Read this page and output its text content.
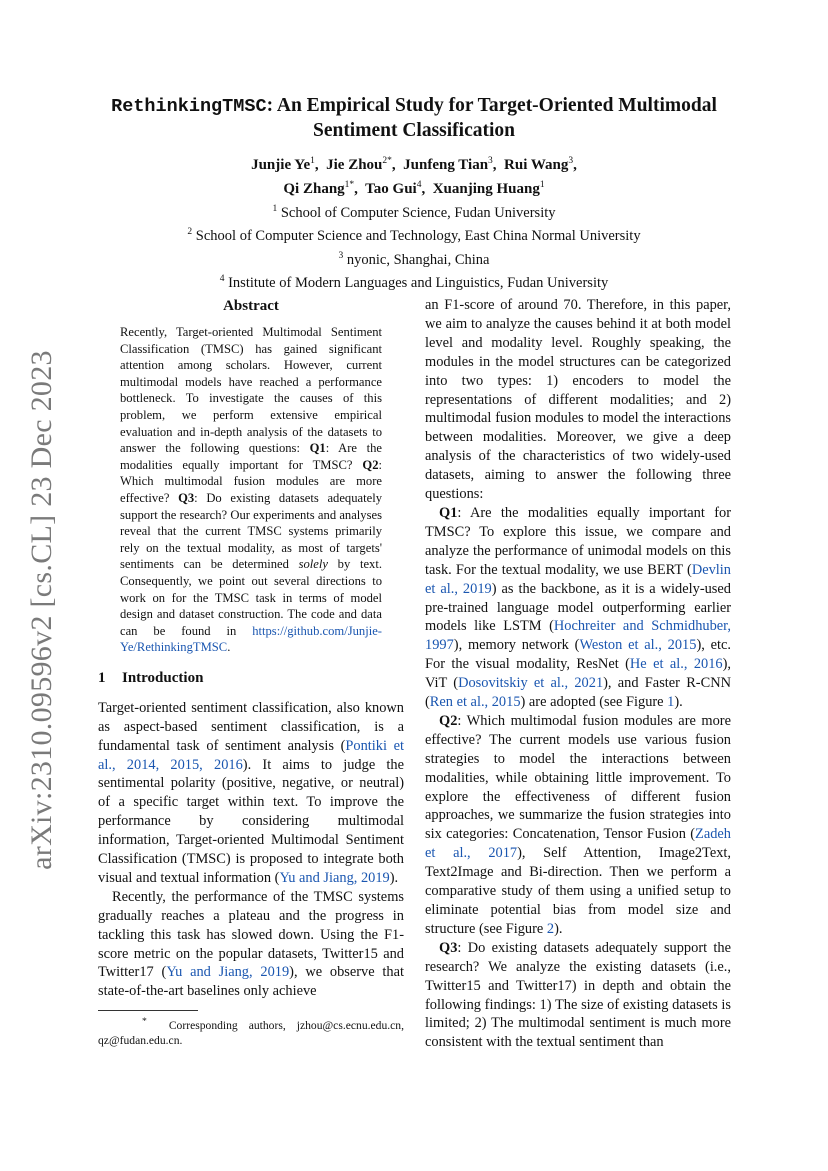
arXiv:2310.09596v2 [cs.CL] 23 Dec 2023
RethinkingTMSC: An Empirical Study for Target-Oriented Multimodal
Sentiment Classification
Junjie Ye$^1$,  Jie Zhou$^{2*}$,  Junfeng Tian$^3$,  Rui Wang$^3$,
Qi Zhang$^{1*}$,  Tao Gui$^4$,  Xuanjing Huang$^1$
$^1$ School of Computer Science, Fudan University
$^2$ School of Computer Science and Technology, East China Normal University
$^3$ nyonic, Shanghai, China
$^4$ Institute of Modern Languages and Linguistics, Fudan University
Abstract
Recently, Target-oriented Multimodal Sentiment Classification (TMSC) has gained significant attention among scholars. However, current multimodal models have reached a performance bottleneck. To investigate the causes of this problem, we perform extensive empirical evaluation and in-depth analysis of the datasets to answer the following questions: Q1: Are the modalities equally important for TMSC? Q2: Which multimodal fusion modules are more effective? Q3: Do existing datasets adequately support the research? Our experiments and analyses reveal that the current TMSC systems primarily rely on the textual modality, as most of targets' sentiments can be determined solely by text. Consequently, we point out several directions to work on for the TMSC task in terms of model design and dataset construction. The code and data can be found in https://github.com/Junjie-Ye/RethinkingTMSC.
1 Introduction

Target-oriented sentiment classification, also known as aspect-based sentiment classification, is a fundamental task of sentiment analysis (Pontiki et al., 2014, 2015, 2016). It aims to judge the sentimental polarity (positive, negative, or neutral) of a specific target within text. To improve the performance by considering multimodal information, Target-oriented Multimodal Sentiment Classification (TMSC) is proposed to integrate both visual and textual information (Yu and Jiang, 2019).

Recently, the performance of the TMSC systems gradually reaches a plateau and the progress in tackling this task has slowed down. Using the F1-score metric on the popular datasets, Twitter15 and Twitter17 (Yu and Jiang, 2019), we observe that state-of-the-art baselines only achieve

* Corresponding authors, jzhou@cs.ecnu.edu.cn, qz@fudan.edu.cn.

an F1-score of around 70. Therefore, in this paper, we aim to analyze the causes behind it at both model level and modality level. Roughly speaking, the modules in the model structures can be categorized into two types: 1) encoders to model the representations of different modalities; and 2) multimodal fusion modules to model the interactions between modalities. Moreover, we give a deep analysis of the characteristics of two widely-used datasets, aiming to answer the following three questions:

Q1: Are the modalities equally important for TMSC? To explore this issue, we compare and analyze the performance of unimodal models on this task. For the textual modality, we use BERT (Devlin et al., 2019) as the backbone, as it is a widely-used pre-trained language model outperforming earlier models like LSTM (Hochreiter and Schmidhuber, 1997), memory network (Weston et al., 2015), etc. For the visual modality, ResNet (He et al., 2016), ViT (Dosovitskiy et al., 2021), and Faster R-CNN (Ren et al., 2015) are adopted (see Figure 1).

Q2: Which multimodal fusion modules are more effective? The current models use various fusion strategies to model the interactions between modalities, while obtaining little improvement. To explore the effectiveness of different fusion approaches, we summarize the fusion strategies into six categories: Concatenation, Tensor Fusion (Zadeh et al., 2017), Self Attention, Image2Text, Text2Image and Bi-direction. Then we perform a comparative study of them using a unified setup to eliminate potential bias from model size and structure (see Figure 2).

Q3: Do existing datasets adequately support the research? We analyze the existing datasets (i.e., Twitter15 and Twitter17) in depth and obtain the following findings: 1) The size of existing datasets is limited; 2) The multimodal sentiment is much more consistent with the textual sentiment than
